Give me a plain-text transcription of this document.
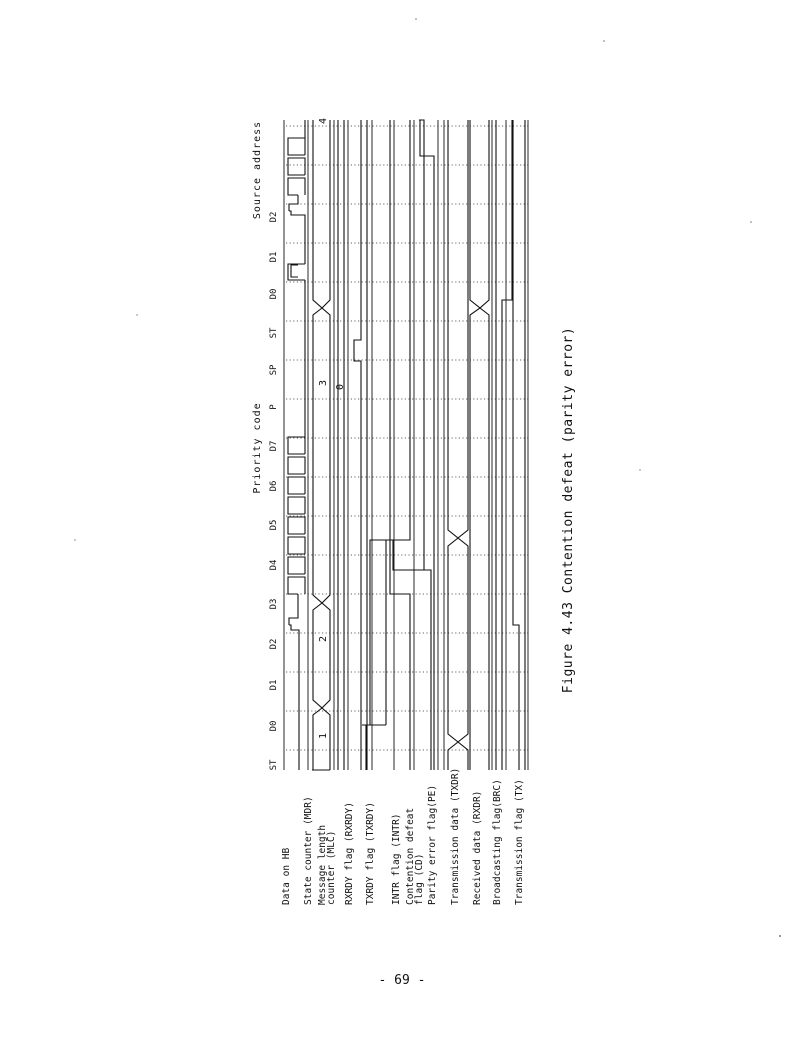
ST
D0
D1
D2
D3
D4
D5
D6
D7
P
SP
ST
D0
D1
D2
1
2
3
4
0
Priority code
Source address
Data on HB State counter (MDR) Message length
counter (MLC) RXRDY flag (RXRDY) TXRDY flag (TXRDY) INTR flag (INTR) Contention defeat
flag (CD) Parity error flag(PE) Transmission data (TXDR) Received data (RXDR) Broadcasting flag(BRC) Transmission flag (TX)
Figure 4.43 Contention defeat (parity error)
- 69 -
